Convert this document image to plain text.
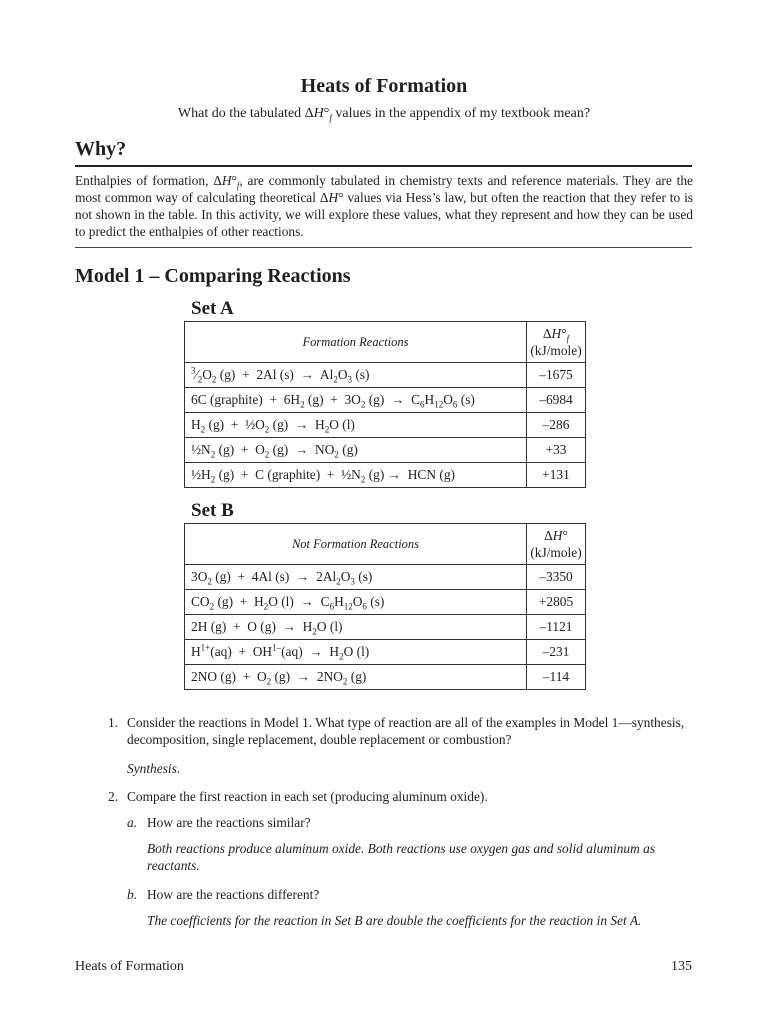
Heats of Formation
What do the tabulated $\Delta H^\circ_f$ values in the appendix of my textbook mean?
Why?
Enthalpies of formation, $\Delta H^\circ_f$, are commonly tabulated in chemistry texts and reference materials. They are the most common way of calculating theoretical ΔH° values via Hess’s law, but often the reaction that they refer to is not shown in the table. In this activity, we will explore these values, what they represent and how they can be used to predict the enthalpies of other reactions.
Model 1 – Comparing Reactions
Set A
Formation Reactions	$\Delta H^\circ_f$
(kJ/mole)
$^3⁄_2O_2$ (g)  +  2Al $(s) \to Al_2O_3$ (s)	–1675
6C (graphite)  +  $6H_2$ $(g) + 3O_2$ $(g) \to C_6H_{12}O_6$ (s)	–6984
$H_2$ $(g) + \frac{1}{2}O_2$ $(g) \to H_2O$ (l)	–286
$\frac{1}{2}N_2$ $(g) + O_2$ $(g) \to NO_2$ (g)	+33
$\frac{1}{2}H_2$ (g)  +  C (graphite)  +  $\frac{1}{2}N_2$ (g) →  HCN (g)	+131
Set B
Not Formation Reactions	ΔH°
(kJ/mole)
$3O_2$ (g)  +  4Al $(s) \to 2Al_2O_3$ (s)	–3350
$CO_2$ $(g) + H_2O$ $(l) \to C_6H_{12}O_6$ (s)	+2805
2H (g)  +  O $(g) \to H_2O$ (l)	–1121
$H^{1+}(aq) + OH^{1-}(aq) \to H_2O$ (l)	–231
2NO $(g) + O_2$ $(g) \to 2NO_2$ (g)	–114
1. Consider the reactions in Model 1. What type of reaction are all of the examples in Model 1—synthesis, decomposition, single replacement, double replacement or combustion?
Synthesis.
2. Compare the first reaction in each set (producing aluminum oxide).
a. How are the reactions similar?
Both reactions produce aluminum oxide. Both reactions use oxygen gas and solid aluminum as reactants.
b. How are the reactions different?
The coefficients for the reaction in Set B are double the coefficients for the reaction in Set A.
Heats of Formation	135
